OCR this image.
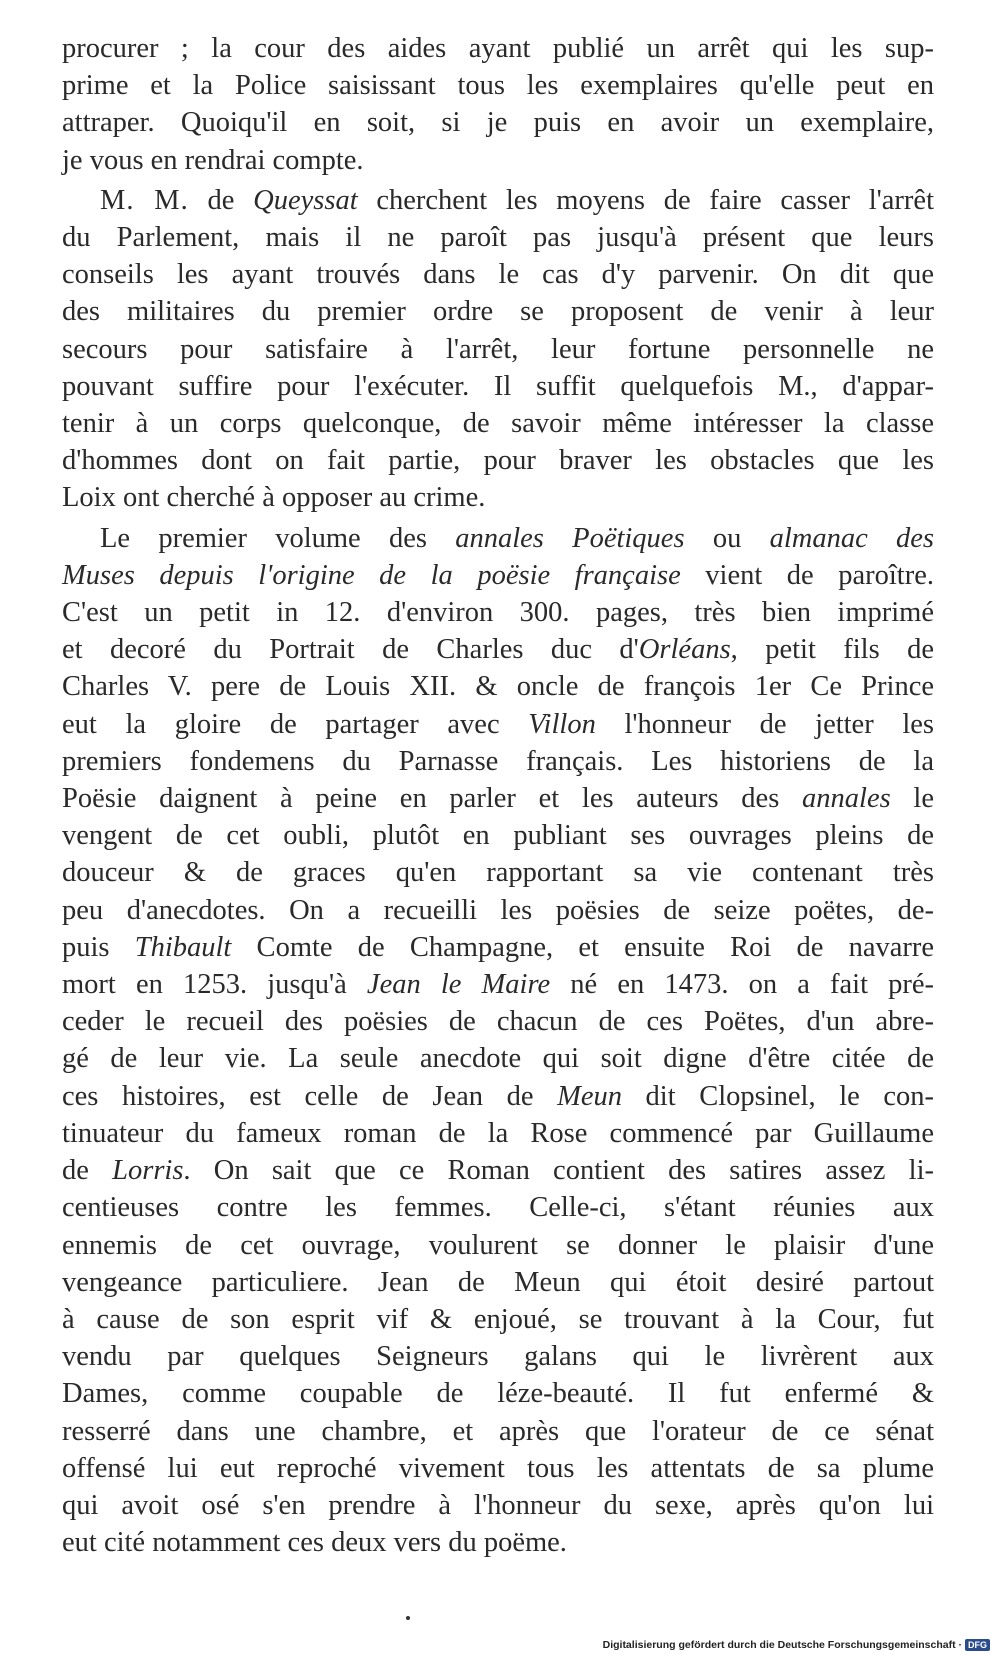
procurer ; la cour des aides ayant publié un arrêt qui les sup-
prime et la Police saisissant tous les exemplaires qu'elle peut en
attraper. Quoiqu'il en soit, si je puis en avoir un exemplaire,
je vous en rendrai compte.

M. M. de Queyssat cherchent les moyens de faire casser l'arrêt
du Parlement, mais il ne paroît pas jusqu'à présent que leurs
conseils les ayant trouvés dans le cas d'y parvenir. On dit que
des militaires du premier ordre se proposent de venir à leur
secours pour satisfaire à l'arrêt, leur fortune personnelle ne
pouvant suffire pour l'exécuter. Il suffit quelquefois M., d'appar-
tenir à un corps quelconque, de savoir même intéresser la classe
d'hommes dont on fait partie, pour braver les obstacles que les
Loix ont cherché à opposer au crime.

Le premier volume des annales Poëtiques ou almanac des
Muses depuis l'origine de la poësie française vient de paroître.
C'est un petit in 12. d'environ 300. pages, très bien imprimé
et decoré du Portrait de Charles duc d'Orléans, petit fils de
Charles V. pere de Louis XII. & oncle de françois 1er Ce Prince
eut la gloire de partager avec Villon l'honneur de jetter les
premiers fondemens du Parnasse français. Les historiens de la
Poësie daignent à peine en parler et les auteurs des annales le
vengent de cet oubli, plutôt en publiant ses ouvrages pleins de
douceur & de graces qu'en rapportant sa vie contenant très
peu d'anecdotes. On a recueilli les poësies de seize poëtes, de-
puis Thibault Comte de Champagne, et ensuite Roi de navarre
mort en 1253. jusqu'à Jean le Maire né en 1473. on a fait pré-
ceder le recueil des poësies de chacun de ces Poëtes, d'un abre-
gé de leur vie. La seule anecdote qui soit digne d'être citée de
ces histoires, est celle de Jean de Meun dit Clopsinel, le con-
tinuateur du fameux roman de la Rose commencé par Guillaume
de Lorris. On sait que ce Roman contient des satires assez li-
centieuses contre les femmes. Celle-ci, s'étant réunies aux
ennemis de cet ouvrage, voulurent se donner le plaisir d'une
vengeance particuliere. Jean de Meun qui étoit desiré partout
à cause de son esprit vif & enjoué, se trouvant à la Cour, fut
vendu par quelques Seigneurs galans qui le livrèrent aux
Dames, comme coupable de léze-beauté. Il fut enfermé &
resserré dans une chambre, et après que l'orateur de ce sénat
offensé lui eut reproché vivement tous les attentats de sa plume
qui avoit osé s'en prendre à l'honneur du sexe, après qu'on lui
eut cité notamment ces deux vers du poëme.

Digitalisierung gefördert durch die Deutsche Forschungsgemeinschaft · DFG
